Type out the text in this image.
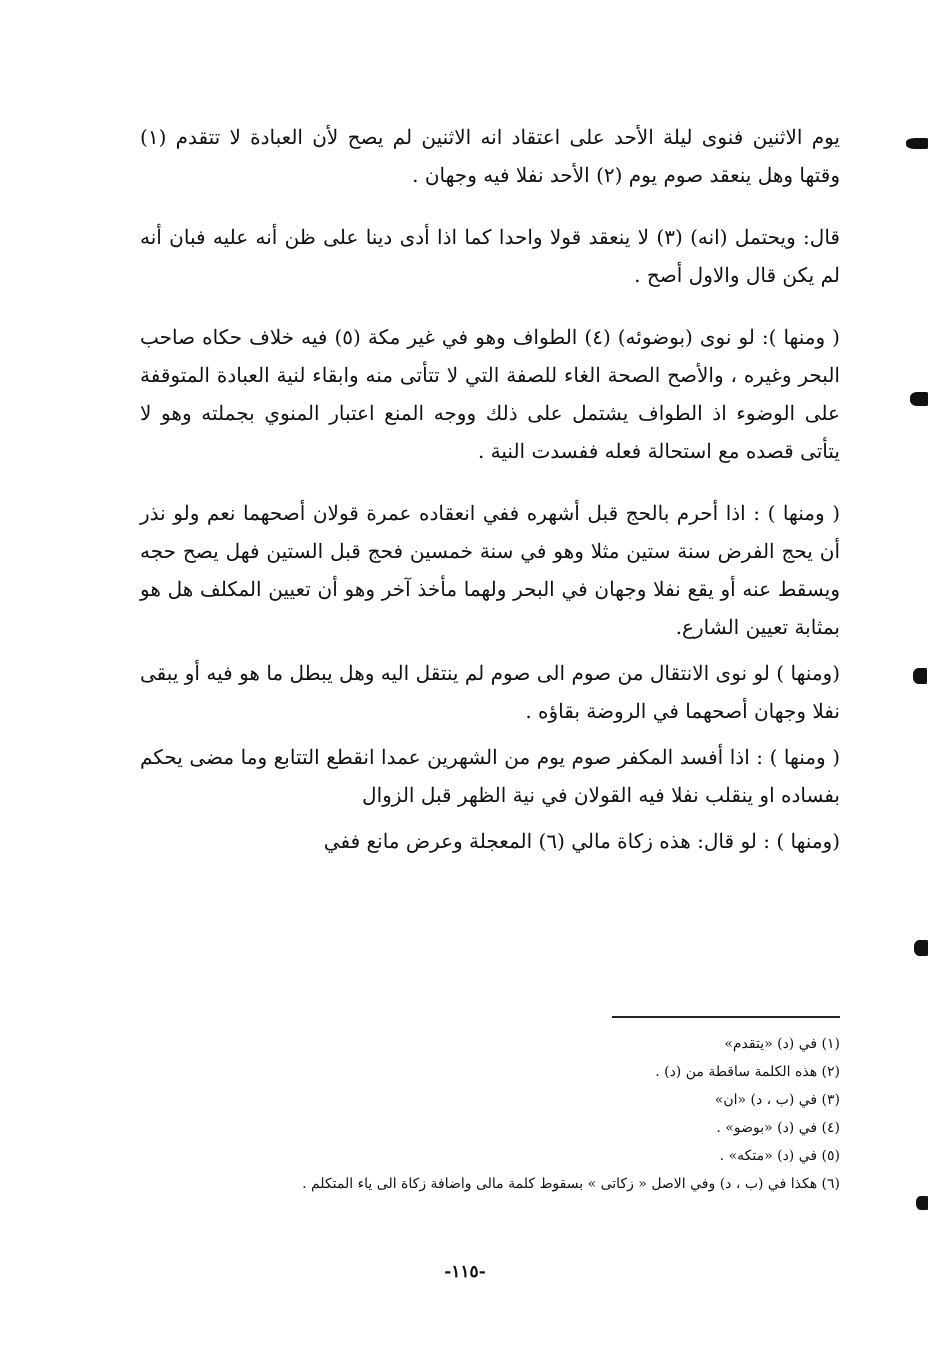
يوم الاثنين فنوى ليلة الأحد على اعتقاد انه الاثنين لم يصح لأن العبادة لا تتقدم (١) وقتها وهل ينعقد صوم يوم (٢) الأحد نفلا فيه وجهان .

قال: ويحتمل (انه) (٣) لا ينعقد قولا واحدا كما اذا أدى دينا على ظن أنه عليه فبان أنه لم يكن قال والاول أصح .

( ومنها ): لو نوى (بوضوئه) (٤) الطواف وهو في غير مكة (٥) فيه خلاف حكاه صاحب البحر وغيره ، والأصح الصحة الغاء للصفة التي لا تتأتى منه وابقاء لنية العبادة المتوقفة على الوضوء اذ الطواف يشتمل على ذلك ووجه المنع اعتبار المنوي بجملته وهو لا يتأتى قصده مع استحالة فعله ففسدت النية .

( ومنها ) : اذا أحرم بالحج قبل أشهره ففي انعقاده عمرة قولان أصحهما نعم ولو نذر أن يحج الفرض سنة ستين مثلا وهو في سنة خمسين فحج قبل الستين فهل يصح حجه ويسقط عنه أو يقع نفلا وجهان في البحر ولهما مأخذ آخر وهو أن تعيين المكلف هل هو بمثابة تعيين الشارع.

(ومنها ) لو نوى الانتقال من صوم الى صوم لم ينتقل اليه وهل يبطل ما هو فيه أو يبقى نفلا وجهان أصحهما في الروضة بقاؤه .

( ومنها ) : اذا أفسد المكفر صوم يوم من الشهرين عمدا انقطع التتابع وما مضى يحكم بفساده او ينقلب نفلا فيه القولان في نية الظهر قبل الزوال

(ومنها ) : لو قال: هذه زكاة مالي (٦) المعجلة وعرض مانع ففي

(١) في (د) «يتقدم»

(٢) هذه الكلمة ساقطة من (د) .

(٣) في (ب ، د) «ان»

(٤) في (د) «بوضو» .

(٥) في (د) «متكه» .

(٦) هكذا في (ب ، د) وفي الاصل « زكاتى » بسقوط كلمة مالى واضافة زكاة الى ياء المتكلم .

-١١٥-
